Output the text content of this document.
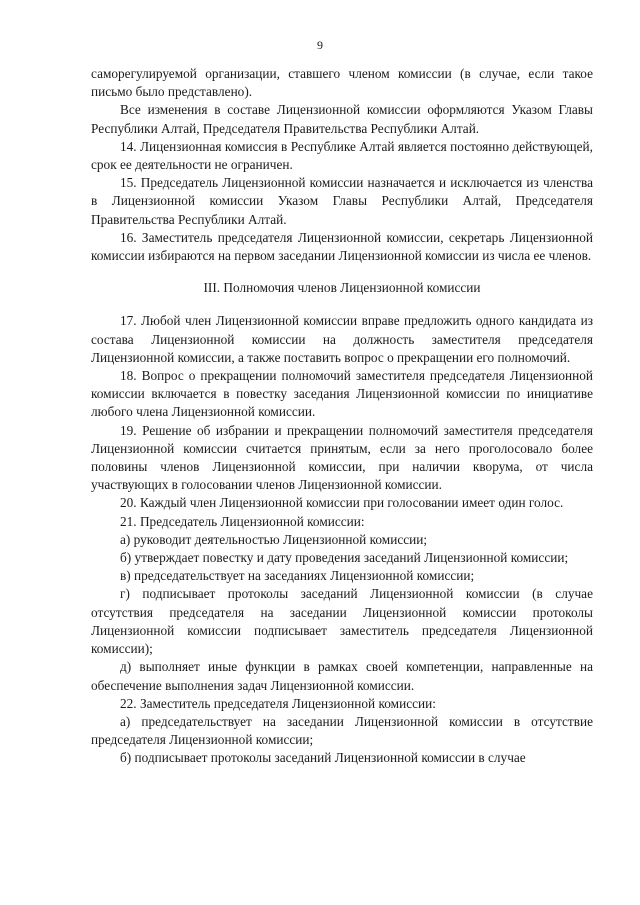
9

саморегулируемой организации, ставшего членом комиссии (в случае, если такое письмо было представлено).

Все изменения в составе Лицензионной комиссии оформляются Указом Главы Республики Алтай, Председателя Правительства Республики Алтай.

14. Лицензионная комиссия в Республике Алтай является постоянно действующей, срок ее деятельности не ограничен.

15. Председатель Лицензионной комиссии назначается и исключается из членства в Лицензионной комиссии Указом Главы Республики Алтай, Председателя Правительства Республики Алтай.

16. Заместитель председателя Лицензионной комиссии, секретарь Лицензионной комиссии избираются на первом заседании Лицензионной комиссии из числа ее членов.

III. Полномочия членов Лицензионной комиссии

17. Любой член Лицензионной комиссии вправе предложить одного кандидата из состава Лицензионной комиссии на должность заместителя председателя Лицензионной комиссии, а также поставить вопрос о прекращении его полномочий.

18. Вопрос о прекращении полномочий заместителя председателя Лицензионной комиссии включается в повестку заседания Лицензионной комиссии по инициативе любого члена Лицензионной комиссии.

19. Решение об избрании и прекращении полномочий заместителя председателя Лицензионной комиссии считается принятым, если за него проголосовало более половины членов Лицензионной комиссии, при наличии кворума, от числа участвующих в голосовании членов Лицензионной комиссии.

20. Каждый член Лицензионной комиссии при голосовании имеет один голос.

21. Председатель Лицензионной комиссии:

а) руководит деятельностью Лицензионной комиссии;

б) утверждает повестку и дату проведения заседаний Лицензионной комиссии;

в) председательствует на заседаниях Лицензионной комиссии;

г) подписывает протоколы заседаний Лицензионной комиссии (в случае отсутствия председателя на заседании Лицензионной комиссии протоколы Лицензионной комиссии подписывает заместитель председателя Лицензионной комиссии);

д) выполняет иные функции в рамках своей компетенции, направленные на обеспечение выполнения задач Лицензионной комиссии.

22. Заместитель председателя Лицензионной комиссии:

а) председательствует на заседании Лицензионной комиссии в отсутствие председателя Лицензионной комиссии;

б) подписывает протоколы заседаний Лицензионной комиссии в случае
